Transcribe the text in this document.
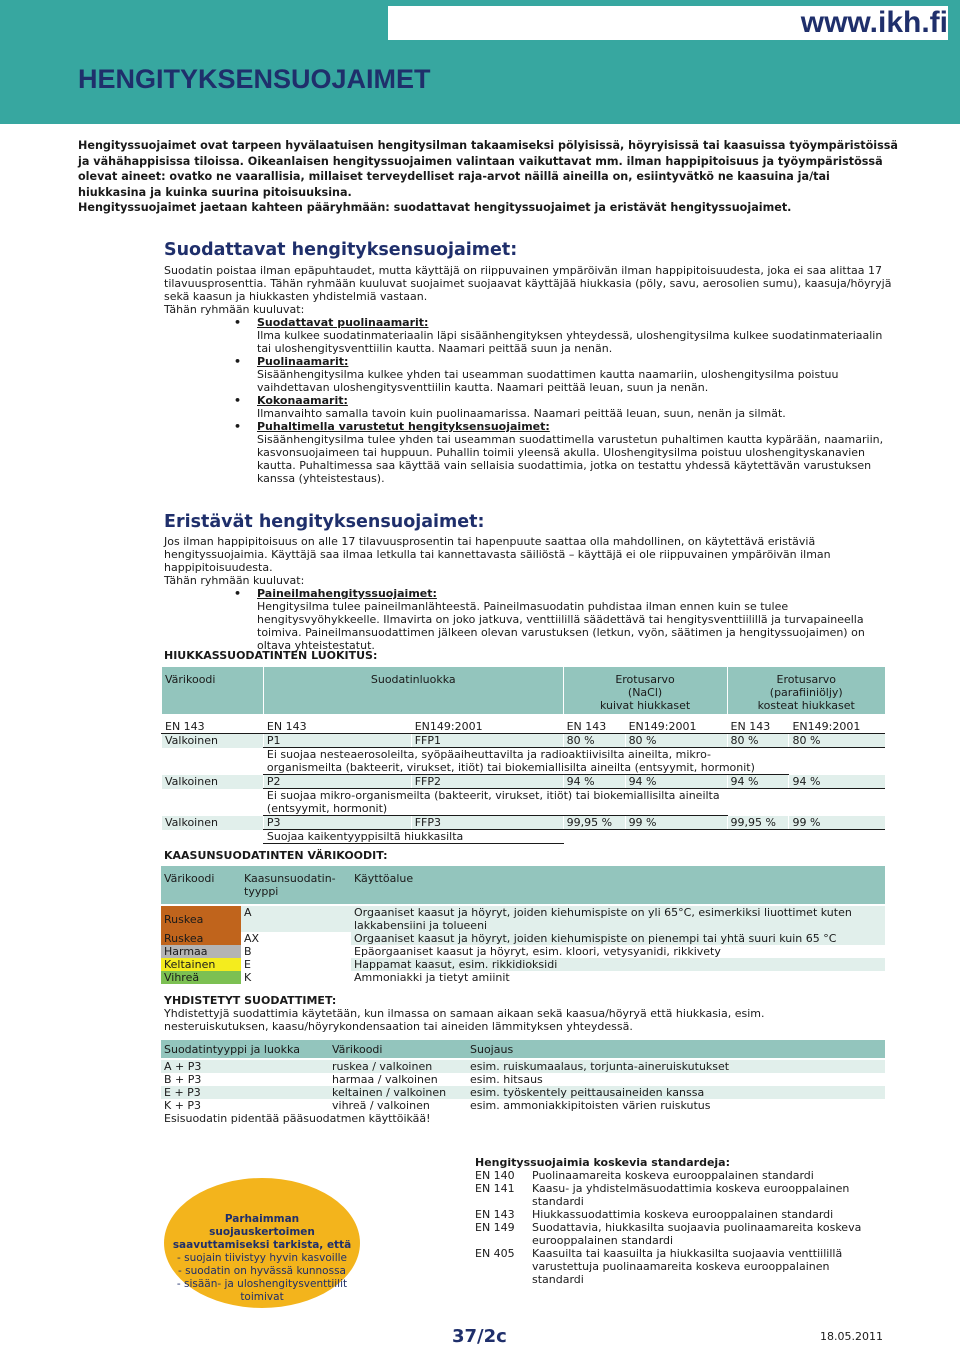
www.ikh.fi
HENGITYKSENSUOJAIMET

Hengityssuojaimet ovat tarpeen hyvälaatuisen hengitysilman takaamiseksi pölyisissä, höyryisissä tai kaasuissa työympäristöissä ja vähähappisissa tiloissa. Oikeanlaisen hengityssuojaimen valintaan vaikuttavat mm. ilman happipitoisuus ja työympäristössä olevat aineet: ovatko ne vaarallisia, millaiset terveydelliset raja-arvot näillä aineilla on, esiintyvätkö ne kaasuina ja/tai hiukkasina ja kuinka suurina pitoisuuksina.

Hengityssuojaimet jaetaan kahteen pääryhmään: suodattavat hengityssuojaimet ja eristävät hengityssuojaimet.

Suodattavat hengityksensuojaimet:

Suodatin poistaa ilman epäpuhtaudet, mutta käyttäjä on riippuvainen ympäröivän ilman happipitoisuudesta, joka ei saa alittaa 17 tilavuusprosenttia. Tähän ryhmään kuuluvat suojaimet suojaavat käyttäjää hiukkasia (pöly, savu, aerosolien sumu), kaasuja/höyryjä sekä kaasun ja hiukkasten yhdistelmiä vastaan.

Tähän ryhmään kuuluvat:

• Suodattavat puolinaamarit:
Ilma kulkee suodatinmateriaalin läpi sisäänhengityksen yhteydessä, uloshengitysilma kulkee suodatinmateriaalin tai uloshengitysventtiilin kautta. Naamari peittää suun ja nenän.
• Puolinaamarit:
Sisäänhengitysilma kulkee yhden tai useamman suodattimen kautta naamariin, uloshengitysilma poistuu vaihdettavan uloshengitysventtiilin kautta. Naamari peittää leuan, suun ja nenän.
• Kokonaamarit:
Ilmanvaihto samalla tavoin kuin puolinaamarissa. Naamari peittää leuan, suun, nenän ja silmät.
• Puhaltimella varustetut hengityksensuojaimet:
Sisäänhengitysilma tulee yhden tai useamman suodattimella varustetun puhaltimen kautta kypärään, naamariin, kasvonsuojaimeen tai huppuun. Puhallin toimii yleensä akulla. Uloshengitysilma poistuu uloshengityskanavien kautta. Puhaltimessa saa käyttää vain sellaisia suodattimia, jotka on testattu yhdessä käytettävän varustuksen kanssa (yhteistestaus).
Eristävät hengityksensuojaimet:

Jos ilman happipitoisuus on alle 17 tilavuusprosentin tai hapenpuute saattaa olla mahdollinen, on käytettävä eristäviä hengityssuojaimia. Käyttäjä saa ilmaa letkulla tai kannettavasta säiliöstä – käyttäjä ei ole riippuvainen ympäröivän ilman happipitoisuudesta.

Tähän ryhmään kuuluvat:

• Paineilmahengityssuojaimet:
Hengitysilma tulee paineilmanlähteestä. Paineilmasuodatin puhdistaa ilman ennen kuin se tulee hengitysvyöhykkeelle. Ilmavirta on joko jatkuva, venttiilillä säädettävä tai hengitysventtiilillä ja turvapaineella toimiva. Paineilmansuodattimen jälkeen olevan varustuksen (letkun, vyön, säätimen ja hengityssuojaimen) on oltava yhteistestatut.
HIUKKASSUODATINTEN LUOKITUS:
Värikoodi	Suodatinluokka		Erotusarvo
(NaCl)
kuivat hiukkaset		Erotusarvo
(parafiiniöljy)
kosteat hiukkaset	

EN 143	EN 143	EN149:2001	EN 143	EN149:2001	EN 143	EN149:2001
Valkoinen	P1	FFP1	80 %	80 %	80 %	80 %
	Ei suojaa nesteaerosoleilta, syöpäaiheuttavilta ja radioaktiivisilta aineilta, mikro-organismeilta (bakteerit, virukset, itiöt) tai biokemiallisilta aineilta (entsyymit, hormonit)					
Valkoinen	P2	FFP2	94 %	94 %	94 %	94 %
	Ei suojaa mikro-organismeilta (bakteerit, virukset, itiöt) tai biokemiallisilta aineilta (entsyymit, hormonit)					
Valkoinen	P3	FFP3	99,95 %	99 %	99,95 %	99 %
	Suojaa kaikentyyppisiltä hiukkasilta					
KAASUNSUODATINTEN VÄRIKOODIT:
Värikoodi	Kaasunsuodatin-
tyyppi	Käyttöalue

Ruskea	A	Orgaaniset kaasut ja höyryt, joiden kiehumispiste on yli 65°C, esimerkiksi liuottimet kuten lakkabensiini ja tolueeni
Ruskea	AX	Orgaaniset kaasut ja höyryt, joiden kiehumispiste on pienempi tai yhtä suuri kuin 65 °C
Harmaa	B	Epäorgaaniset kaasut ja höyryt, esim. kloori, vetysyanidi, rikkivety
Keltainen	E	Happamat kaasut, esim. rikkidioksidi
Vihreä	K	Ammoniakki ja tietyt amiinit
YHDISTETYT SUODATTIMET:
Yhdistettyjä suodattimia käytetään, kun ilmassa on samaan aikaan sekä kaasua/höyryä että hiukkasia, esim. nesteruiskutuksen, kaasu/höyrykondensaation tai aineiden lämmityksen yhteydessä.
Suodatintyyppi ja luokka	Värikoodi	Suojaus

A + P3	ruskea / valkoinen	esim. ruiskumaalaus, torjunta-aineruiskutukset
B + P3	harmaa / valkoinen	esim. hitsaus
E + P3	keltainen / valkoinen	esim. työskentely peittausaineiden kanssa
K + P3	vihreä / valkoinen	esim. ammoniakkipitoisten värien ruiskutus
Esisuodatin pidentää pääsuodatmen käyttöikää!		
Parhaimman
suojauskertoimen
saavuttamiseksi tarkista, että
- suojain tiivistyy hyvin kasvoille
- suodatin on hyvässä kunnossa
- sisään- ja uloshengitysventtiilit
toimivat
Hengityssuojaimia koskevia standardeja:
EN 140	Puolinaamareita koskeva eurooppalainen standardi
EN 141	Kaasu- ja yhdistelmäsuodattimia koskeva eurooppalainen standardi
EN 143	Hiukkassuodattimia koskeva eurooppalainen standardi
EN 149	Suodattavia, hiukkasilta suojaavia puolinaamareita koskeva eurooppalainen standardi
EN 405	Kaasuilta tai kaasuilta ja hiukkasilta suojaavia venttiilillä varustettuja puolinaamareita koskeva eurooppalainen standardi
37/2c	18.05.2011
